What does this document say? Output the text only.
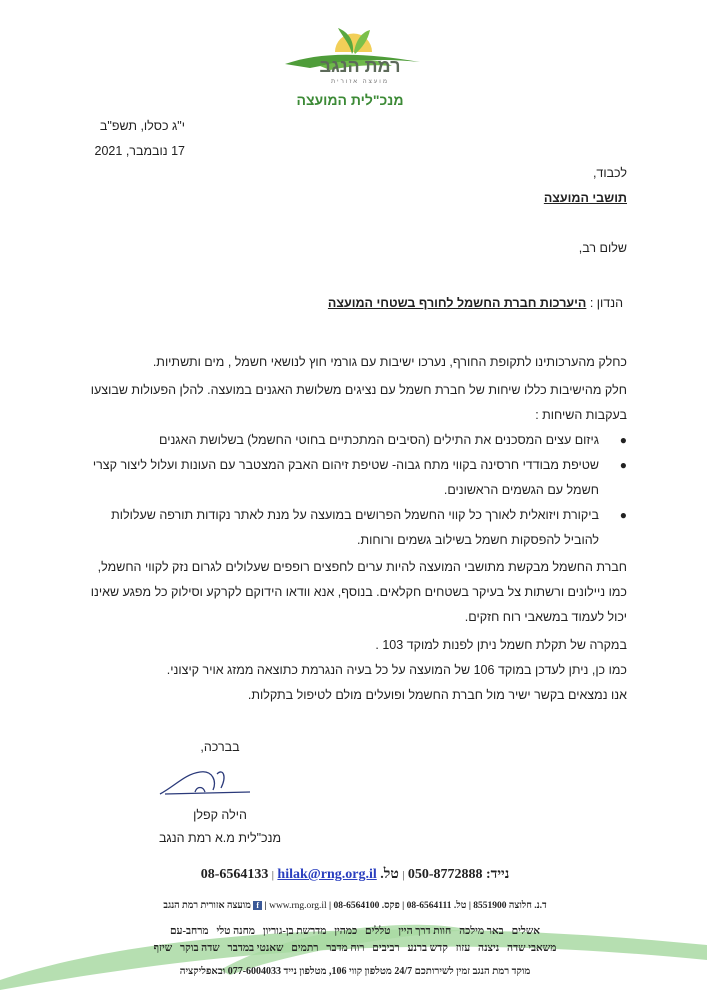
רמת הנגב
מועצה אזורית
מנכ"לית המועצה
י"ג כסלו, תשפ"ב
17 נובמבר, 2021
לכבוד,
תושבי המועצה
שלום רב,
הנדון : היערכות חברת החשמל לחורף בשטחי המועצה
כחלק מהערכותינו לתקופת החורף, נערכו ישיבות עם גורמי חוץ לנושאי חשמל , מים ותשתיות.
חלק מהישיבות כללו שיחות של חברת חשמל עם נציגים משלושת האגנים במועצה. להלן הפעולות שבוצעו
בעקבות השיחות :
●
גיזום עצים המסכנים את התילים (הסיבים המתכתיים בחוטי החשמל) בשלושת האגנים
●
שטיפת מבודדי חרסינה בקווי מתח גבוה- שטיפת זיהום האבק המצטבר עם העונות ועלול ליצור קצרי חשמל עם הגשמים הראשונים.
●
ביקורת ויזואלית לאורך כל קווי החשמל הפרושים במועצה על מנת לאתר נקודות תורפה שעלולות להוביל להפסקות חשמל בשילוב גשמים ורוחות.
חברת החשמל מבקשת מתושבי המועצה להיות ערים לחפצים רופפים שעלולים לגרום נזק לקווי החשמל,
כמו ניילונים ורשתות צל בעיקר בשטחים חקלאים. בנוסף, אנא וודאו הידוקם לקרקע וסילוק כל מפגע שאינו
יכול לעמוד במשאבי רוח חזקים.
במקרה של תקלת חשמל ניתן לפנות למוקד 103 .
כמו כן, ניתן לעדכן במוקד 106 של המועצה על כל בעיה הנגרמת כתוצאה ממזג אויר קיצוני.
אנו נמצאים בקשר ישיר מול חברת החשמל ופועלים מולם לטיפול בתקלות.
בברכה,
הילה קפלן
מנכ"לית מ.א רמת הנגב
נייד: 050-8772888 | טל. 08-6564133 | hilak@rng.org.il
ד.נ. חלוצה 8551900 | טל. 08-6564111 | פקס. 08-6564100 | www.rng.org.il | f מועצה אזורית רמת הנגב
אשלים   באר מילכה   חוות דרך היין   טללים   כמהין   מדרשת בן-גוריון   מחנה טלי   מרחב-עם
משאבי שדה   ניצנה   עזוז   קדש ברנע   רביבים   רוח מדבר   רתמים   שאנטי במדבר   שדה בוקר   שיזף
מוקד רמת הנגב זמין לשירותכם 24/7 מטלפון קווי 106, מטלפון נייד 077-6004033 ובאפליקציה
